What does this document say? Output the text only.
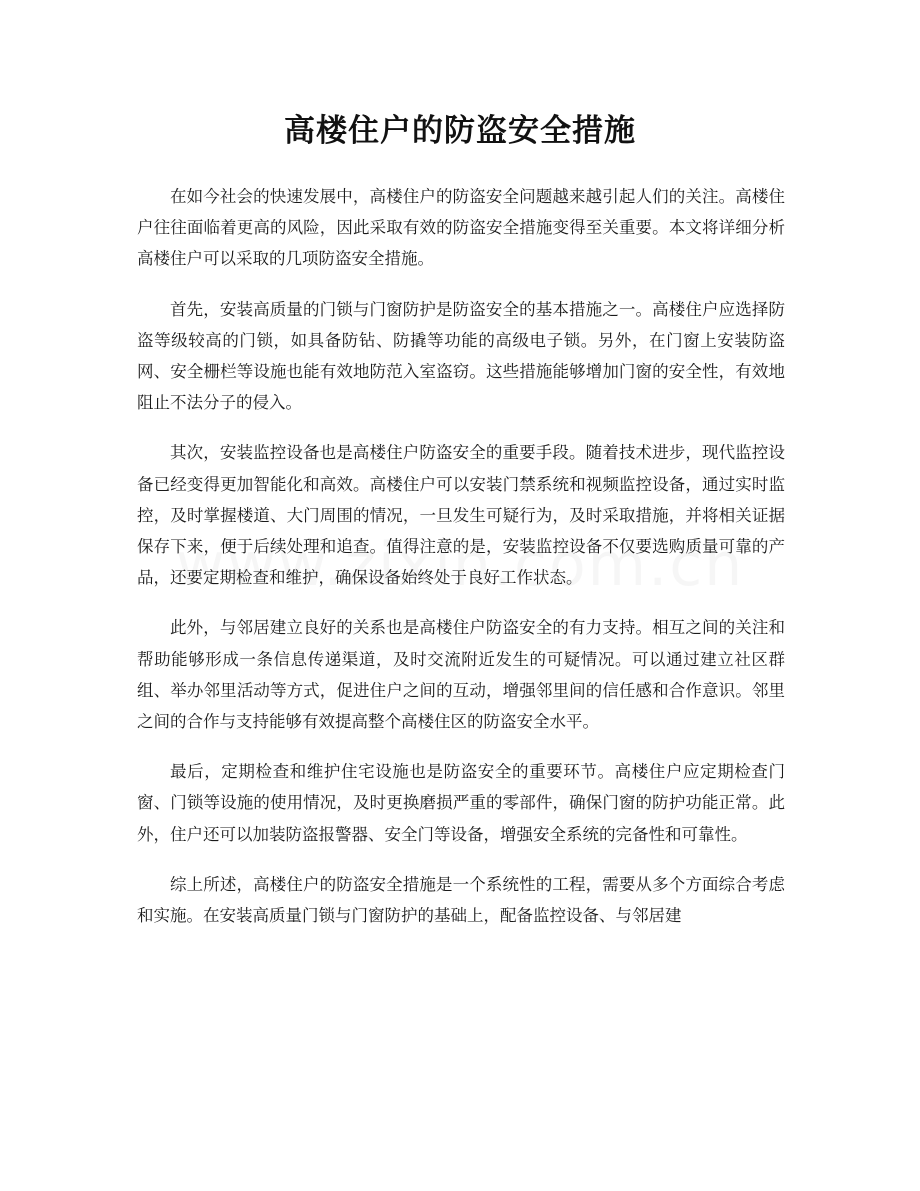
高楼住户的防盗安全措施

在如今社会的快速发展中，高楼住户的防盗安全问题越来越引起人们的关注。高楼住户往往面临着更高的风险，因此采取有效的防盗安全措施变得至关重要。本文将详细分析高楼住户可以采取的几项防盗安全措施。

首先，安装高质量的门锁与门窗防护是防盗安全的基本措施之一。高楼住户应选择防盗等级较高的门锁，如具备防钻、防撬等功能的高级电子锁。另外，在门窗上安装防盗网、安全栅栏等设施也能有效地防范入室盗窃。这些措施能够增加门窗的安全性，有效地阻止不法分子的侵入。

其次，安装监控设备也是高楼住户防盗安全的重要手段。随着技术进步，现代监控设备已经变得更加智能化和高效。高楼住户可以安装门禁系统和视频监控设备，通过实时监控，及时掌握楼道、大门周围的情况，一旦发生可疑行为，及时采取措施，并将相关证据保存下来，便于后续处理和追查。值得注意的是，安装监控设备不仅要选购质量可靠的产品，还要定期检查和维护，确保设备始终处于良好工作状态。

此外，与邻居建立良好的关系也是高楼住户防盗安全的有力支持。相互之间的关注和帮助能够形成一条信息传递渠道，及时交流附近发生的可疑情况。可以通过建立社区群组、举办邻里活动等方式，促进住户之间的互动，增强邻里间的信任感和合作意识。邻里之间的合作与支持能够有效提高整个高楼住区的防盗安全水平。

最后，定期检查和维护住宅设施也是防盗安全的重要环节。高楼住户应定期检查门窗、门锁等设施的使用情况，及时更换磨损严重的零部件，确保门窗的防护功能正常。此外，住户还可以加装防盗报警器、安全门等设备，增强安全系统的完备性和可靠性。

综上所述，高楼住户的防盗安全措施是一个系统性的工程，需要从多个方面综合考虑和实施。在安装高质量门锁与门窗防护的基础上，配备监控设备、与邻居建
